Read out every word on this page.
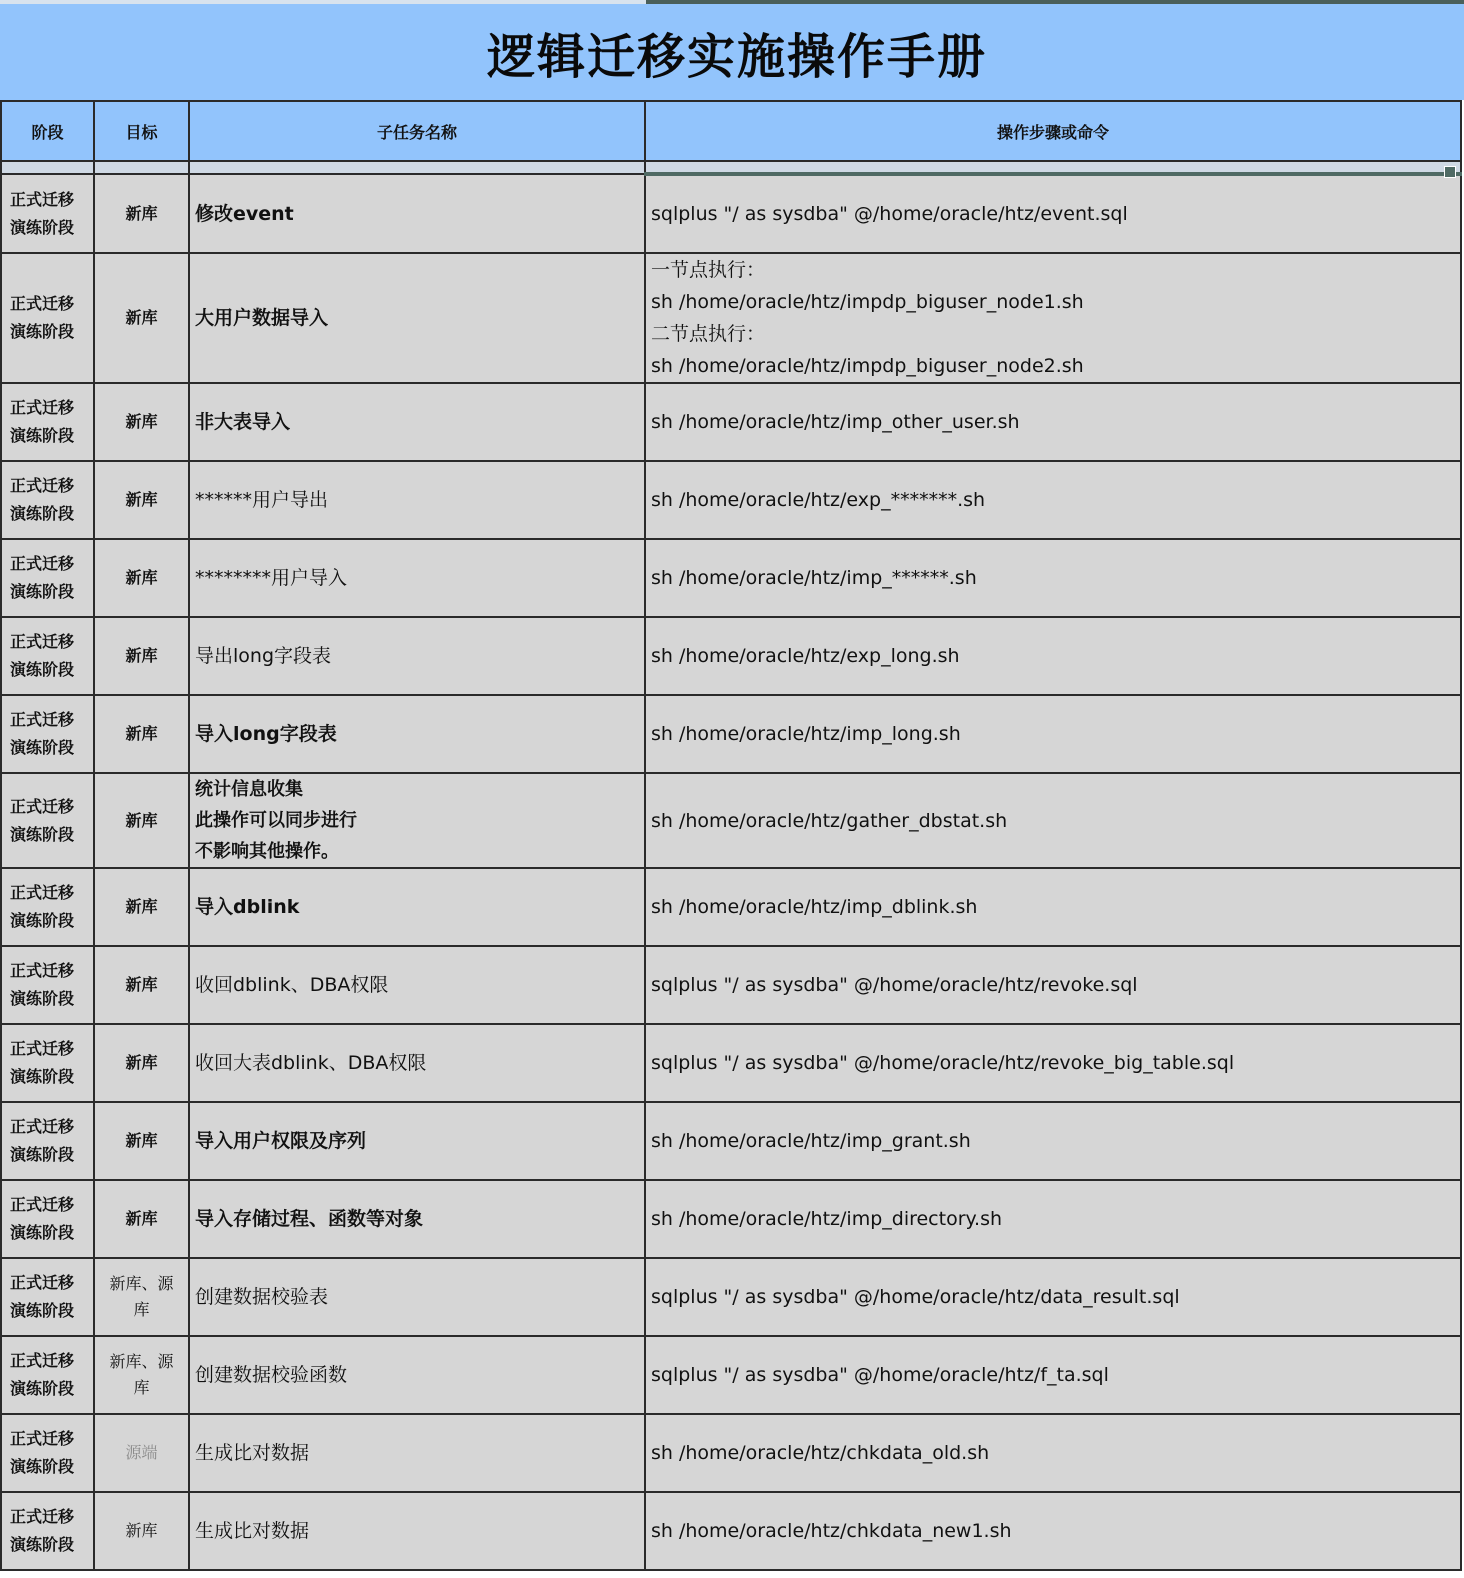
逻辑迁移实施操作手册
阶段	目标	子任务名称	操作步骤或命令

正式迁移
演练阶段	新库	修改event	sqlplus "/ as sysdba" @/home/oracle/htz/event.sql

正式迁移
演练阶段	新库	大用户数据导入	一节点执行：
sh /home/oracle/htz/impdp_biguser_node1.sh
二节点执行：
sh /home/oracle/htz/impdp_biguser_node2.sh

正式迁移
演练阶段	新库	非大表导入	sh /home/oracle/htz/imp_other_user.sh

正式迁移
演练阶段	新库	******用户导出	sh /home/oracle/htz/exp_*******.sh

正式迁移
演练阶段	新库	********用户导入	sh /home/oracle/htz/imp_******.sh

正式迁移
演练阶段	新库	导出long字段表	sh /home/oracle/htz/exp_long.sh

正式迁移
演练阶段	新库	导入long字段表	sh /home/oracle/htz/imp_long.sh

正式迁移
演练阶段	新库	统计信息收集
此操作可以同步进行
不影响其他操作。	sh /home/oracle/htz/gather_dbstat.sh

正式迁移
演练阶段	新库	导入dblink	sh /home/oracle/htz/imp_dblink.sh

正式迁移
演练阶段	新库	收回dblink、DBA权限	sqlplus "/ as sysdba" @/home/oracle/htz/revoke.sql

正式迁移
演练阶段	新库	收回大表dblink、DBA权限	sqlplus "/ as sysdba" @/home/oracle/htz/revoke_big_table.sql

正式迁移
演练阶段	新库	导入用户权限及序列	sh /home/oracle/htz/imp_grant.sh

正式迁移
演练阶段	新库	导入存储过程、函数等对象	sh /home/oracle/htz/imp_directory.sh

正式迁移
演练阶段	新库、源
库	创建数据校验表	sqlplus "/ as sysdba" @/home/oracle/htz/data_result.sql

正式迁移
演练阶段	新库、源
库	创建数据校验函数	sqlplus "/ as sysdba" @/home/oracle/htz/f_ta.sql

正式迁移
演练阶段	源端	生成比对数据	sh /home/oracle/htz/chkdata_old.sh

正式迁移
演练阶段	新库	生成比对数据	sh /home/oracle/htz/chkdata_new1.sh
